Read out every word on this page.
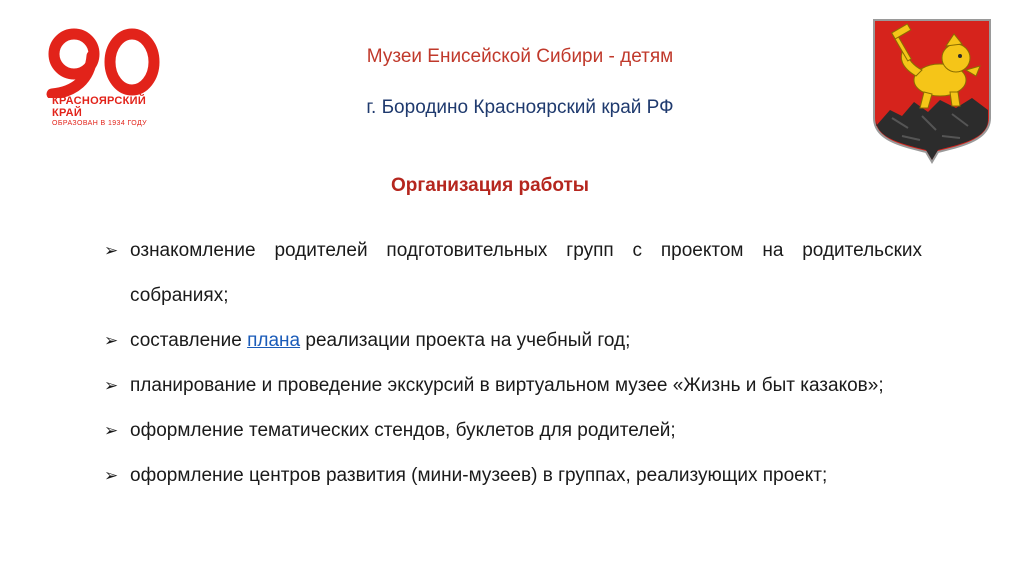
КРАСНОЯРСКИЙ
КРАЙ
ОБРАЗОВАН В 1934 ГОДУ
Музеи Енисейской Сибири - детям
г. Бородино Красноярский край РФ
Организация работы
➢ ознакомление родителей подготовительных групп с проектом на родительских собраниях;
➢ составление плана реализации проекта на учебный год;
➢ планирование и проведение экскурсий в виртуальном музее «Жизнь и быт казаков»;
➢ оформление тематических стендов, буклетов для родителей;
➢ оформление центров развития (мини-музеев) в группах, реализующих проект;
